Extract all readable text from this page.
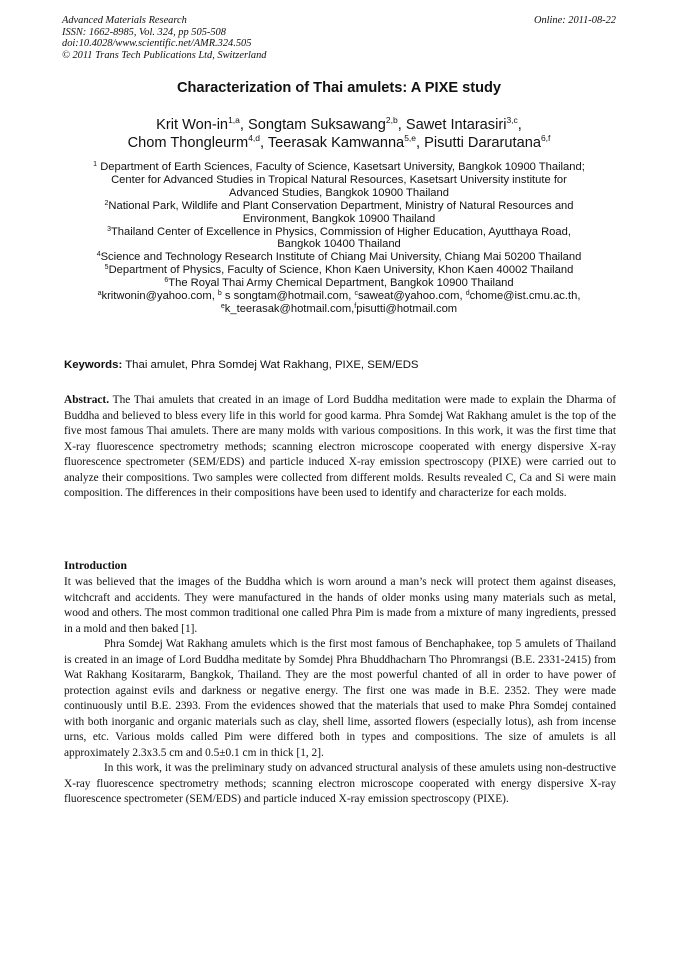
Advanced Materials Research
ISSN: 1662-8985, Vol. 324, pp 505-508
doi:10.4028/www.scientific.net/AMR.324.505
© 2011 Trans Tech Publications Ltd, Switzerland
Online: 2011-08-22
Characterization of Thai amulets: A PIXE study
Krit Won-in$^{1,a}$, Songtam Suksawang$^{2,b}$, Sawet Intarasiri$^{3,c}$,
Chom Thongleurm$^{4,d}$, Teerasak Kamwanna$^{5,e}$, Pisutti Dararutana$^{6,f}$
$^1$ Department of Earth Sciences, Faculty of Science, Kasetsart University, Bangkok 10900 Thailand;
Center for Advanced Studies in Tropical Natural Resources, Kasetsart University institute for
Advanced Studies, Bangkok 10900 Thailand
$^2$National Park, Wildlife and Plant Conservation Department, Ministry of Natural Resources and
Environment, Bangkok 10900 Thailand
$^3$Thailand Center of Excellence in Physics, Commission of Higher Education, Ayutthaya Road,
Bangkok 10400 Thailand
$^4$Science and Technology Research Institute of Chiang Mai University, Chiang Mai 50200 Thailand
$^5$Department of Physics, Faculty of Science, Khon Kaen University, Khon Kaen 40002 Thailand
$^6$The Royal Thai Army Chemical Department, Bangkok 10900 Thailand
$^a$kritwonin@yahoo.com, $^b$ s songtam@hotmail.com, $^c$saweat@yahoo.com, $^d$chome@ist.cmu.ac.th,
$^e$k_teerasak@hotmail.com,$^f$pisutti@hotmail.com
Keywords: Thai amulet, Phra Somdej Wat Rakhang, PIXE, SEM/EDS
Abstract. The Thai amulets that created in an image of Lord Buddha meditation were made to explain the Dharma of Buddha and believed to bless every life in this world for good karma. Phra Somdej Wat Rakhang amulet is the top of the five most famous Thai amulets. There are many molds with various compositions. In this work, it was the first time that X-ray fluorescence spectrometry methods; scanning electron microscope cooperated with energy dispersive X-ray fluorescence spectrometer (SEM/EDS) and particle induced X-ray emission spectroscopy (PIXE) were carried out to analyze their compositions. Two samples were collected from different molds. Results revealed C, Ca and Si were main composition. The differences in their compositions have been used to identify and characterize for each molds.
Introduction

It was believed that the images of the Buddha which is worn around a man’s neck will protect them against diseases, witchcraft and accidents. They were manufactured in the hands of older monks using many materials such as metal, wood and others. The most common traditional one called Phra Pim is made from a mixture of many ingredients, pressed in a mold and then baked [1].

Phra Somdej Wat Rakhang amulets which is the first most famous of Benchaphakee, top 5 amulets of Thailand is created in an image of Lord Buddha meditate by Somdej Phra Bhuddhacharn Tho Phromrangsi (B.E. 2331-2415) from Wat Rakhang Kositararm, Bangkok, Thailand. They are the most powerful chanted of all in order to have power of protection against evils and darkness or negative energy. The first one was made in B.E. 2352. They were made continuously until B.E. 2393. From the evidences showed that the materials that used to make Phra Somdej contained with both inorganic and organic materials such as clay, shell lime, assorted flowers (especially lotus), ash from incense urns, etc. Various molds called Pim were differed both in types and compositions. The size of amulets is all approximately 2.3x3.5 cm and 0.5±0.1 cm in thick [1, 2].

In this work, it was the preliminary study on advanced structural analysis of these amulets using non-destructive X-ray fluorescence spectrometry methods; scanning electron microscope cooperated with energy dispersive X-ray fluorescence spectrometer (SEM/EDS) and particle induced X-ray emission spectroscopy (PIXE).
